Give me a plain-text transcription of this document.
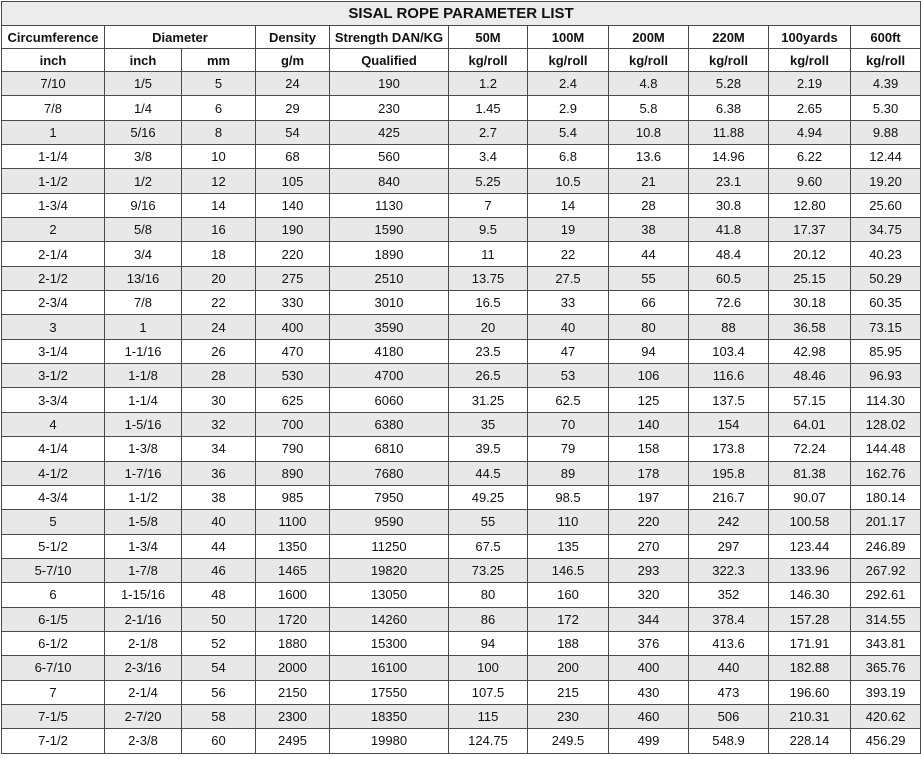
SISAL ROPE PARAMETER LIST										
Circumference	Diameter		Density	Strength DAN/KG	50M	100M	200M	220M	100yards	600ft
inch	inch	mm	g/m	Qualified	kg/roll	kg/roll	kg/roll	kg/roll	kg/roll	kg/roll
7/10	1/5	5	24	190	1.2	2.4	4.8	5.28	2.19	4.39
7/8	1/4	6	29	230	1.45	2.9	5.8	6.38	2.65	5.30
1	5/16	8	54	425	2.7	5.4	10.8	11.88	4.94	9.88
1-1/4	3/8	10	68	560	3.4	6.8	13.6	14.96	6.22	12.44
1-1/2	1/2	12	105	840	5.25	10.5	21	23.1	9.60	19.20
1-3/4	9/16	14	140	1130	7	14	28	30.8	12.80	25.60
2	5/8	16	190	1590	9.5	19	38	41.8	17.37	34.75
2-1/4	3/4	18	220	1890	11	22	44	48.4	20.12	40.23
2-1/2	13/16	20	275	2510	13.75	27.5	55	60.5	25.15	50.29
2-3/4	7/8	22	330	3010	16.5	33	66	72.6	30.18	60.35
3	1	24	400	3590	20	40	80	88	36.58	73.15
3-1/4	1-1/16	26	470	4180	23.5	47	94	103.4	42.98	85.95
3-1/2	1-1/8	28	530	4700	26.5	53	106	116.6	48.46	96.93
3-3/4	1-1/4	30	625	6060	31.25	62.5	125	137.5	57.15	114.30
4	1-5/16	32	700	6380	35	70	140	154	64.01	128.02
4-1/4	1-3/8	34	790	6810	39.5	79	158	173.8	72.24	144.48
4-1/2	1-7/16	36	890	7680	44.5	89	178	195.8	81.38	162.76
4-3/4	1-1/2	38	985	7950	49.25	98.5	197	216.7	90.07	180.14
5	1-5/8	40	1100	9590	55	110	220	242	100.58	201.17
5-1/2	1-3/4	44	1350	11250	67.5	135	270	297	123.44	246.89
5-7/10	1-7/8	46	1465	19820	73.25	146.5	293	322.3	133.96	267.92
6	1-15/16	48	1600	13050	80	160	320	352	146.30	292.61
6-1/5	2-1/16	50	1720	14260	86	172	344	378.4	157.28	314.55
6-1/2	2-1/8	52	1880	15300	94	188	376	413.6	171.91	343.81
6-7/10	2-3/16	54	2000	16100	100	200	400	440	182.88	365.76
7	2-1/4	56	2150	17550	107.5	215	430	473	196.60	393.19
7-1/5	2-7/20	58	2300	18350	115	230	460	506	210.31	420.62
7-1/2	2-3/8	60	2495	19980	124.75	249.5	499	548.9	228.14	456.29
